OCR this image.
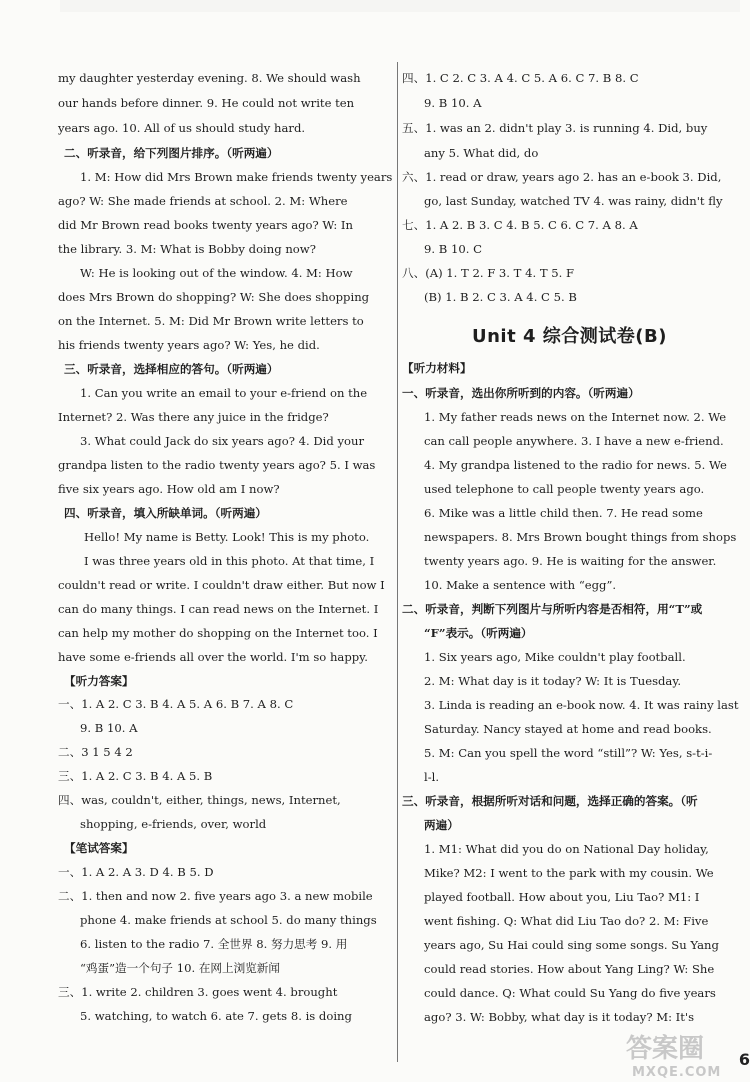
my daughter yesterday evening. 8. We should wash
our hands before dinner. 9. He could not write ten
years ago. 10. All of us should study hard.
二、听录音，给下列图片排序。（听两遍）
1. M: How did Mrs Brown make friends twenty years
ago? W: She made friends at school. 2. M: Where
did Mr Brown read books twenty years ago? W: In
the library. 3. M: What is Bobby doing now?
W: He is looking out of the window. 4. M: How
does Mrs Brown do shopping? W: She does shopping
on the Internet. 5. M: Did Mr Brown write letters to
his friends twenty years ago? W: Yes, he did.
三、听录音，选择相应的答句。（听两遍）
1. Can you write an email to your e-friend on the
Internet? 2. Was there any juice in the fridge?
3. What could Jack do six years ago? 4. Did your
grandpa listen to the radio twenty years ago? 5. I was
five six years ago. How old am I now?
四、听录音，填入所缺单词。（听两遍）
Hello! My name is Betty. Look! This is my photo.
I was three years old in this photo. At that time, I
couldn't read or write. I couldn't draw either. But now I
can do many things. I can read news on the Internet. I
can help my mother do shopping on the Internet too. I
have some e-friends all over the world. I'm so happy.
【听力答案】
一、1. A 2. C 3. B 4. A 5. A 6. B 7. A 8. C
9. B 10. A
二、3 1 5 4 2
三、1. A 2. C 3. B 4. A 5. B
四、was, couldn't, either, things, news, Internet,
shopping, e-friends, over, world
【笔试答案】
一、1. A 2. A 3. D 4. B 5. D
二、1. then and now 2. five years ago 3. a new mobile
phone 4. make friends at school 5. do many things
6. listen to the radio 7. 全世界 8. 努力思考 9. 用
“鸡蛋”造一个句子 10. 在网上浏览新闻
三、1. write 2. children 3. goes went 4. brought
5. watching, to watch 6. ate 7. gets 8. is doing
Unit 4 综合测试卷(B)
四、1. C 2. C 3. A 4. C 5. A 6. C 7. B 8. C
9. B 10. A
五、1. was an 2. didn't play 3. is running 4. Did, buy
any 5. What did, do
六、1. read or draw, years ago 2. has an e-book 3. Did,
go, last Sunday, watched TV 4. was rainy, didn't fly
七、1. A 2. B 3. C 4. B 5. C 6. C 7. A 8. A
9. B 10. C
八、(A) 1. T 2. F 3. T 4. T 5. F
(B) 1. B 2. C 3. A 4. C 5. B
【听力材料】
一、听录音，选出你所听到的内容。（听两遍）
1. My father reads news on the Internet now. 2. We
can call people anywhere. 3. I have a new e-friend.
4. My grandpa listened to the radio for news. 5. We
used telephone to call people twenty years ago.
6. Mike was a little child then. 7. He read some
newspapers. 8. Mrs Brown bought things from shops
twenty years ago. 9. He is waiting for the answer.
10. Make a sentence with “egg”.
二、听录音，判断下列图片与所听内容是否相符，用“T”或
“F”表示。（听两遍）
1. Six years ago, Mike couldn't play football.
2. M: What day is it today? W: It is Tuesday.
3. Linda is reading an e-book now. 4. It was rainy last
Saturday. Nancy stayed at home and read books.
5. M: Can you spell the word “still”? W: Yes, s-t-i-
l-l.
三、听录音，根据所听对话和问题，选择正确的答案。（听
两遍）
1. M1: What did you do on National Day holiday,
Mike? M2: I went to the park with my cousin. We
played football. How about you, Liu Tao? M1: I
went fishing. Q: What did Liu Tao do? 2. M: Five
years ago, Su Hai could sing some songs. Su Yang
could read stories. How about Yang Ling? W: She
could dance. Q: What could Su Yang do five years
ago? 3. W: Bobby, what day is it today? M: It's
6
答案圈
MXQE.COM
